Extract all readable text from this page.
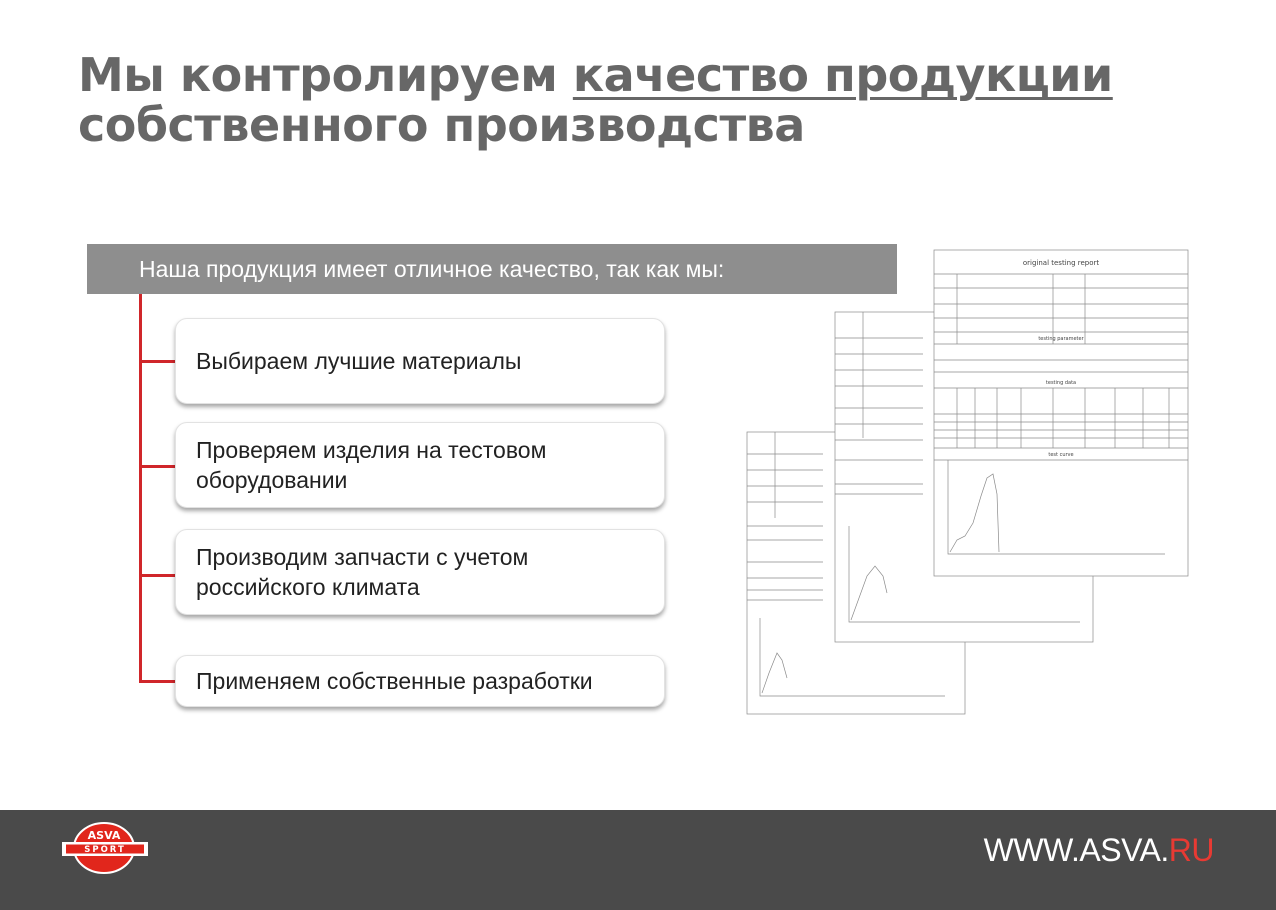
Мы контролируем качество продукции
собственного производства
Наша продукция имеет отличное качество, так как мы:
Выбираем лучшие материалы
Проверяем изделия на тестовом оборудовании
Производим запчасти с учетом российского климата
Применяем собственные разработки
original testing report
testing parameter
testing data
test curve
ASVA
SPORT	WWW.ASVA.RU
